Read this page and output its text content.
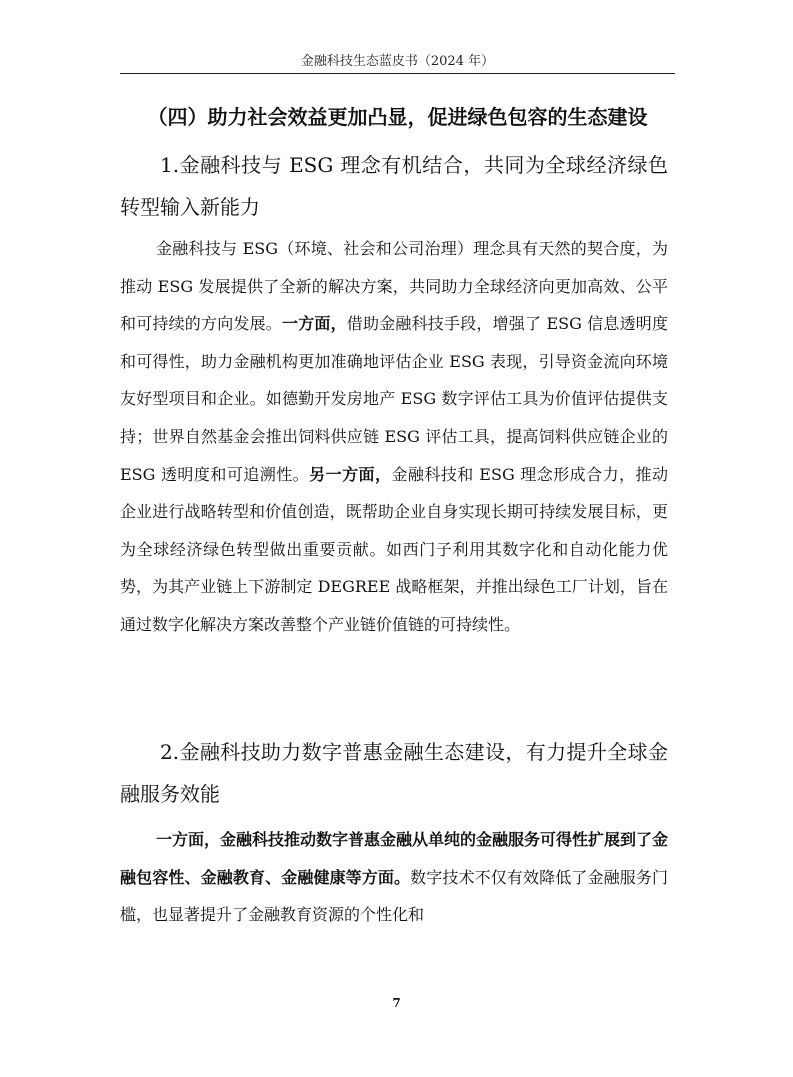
金融科技生态蓝皮书（2024 年）
（四）助力社会效益更加凸显，促进绿色包容的生态建设
1.金融科技与 ESG 理念有机结合，共同为全球经济绿色转型输入新能力
金融科技与 ESG（环境、社会和公司治理）理念具有天然的契合度，为推动 ESG 发展提供了全新的解决方案，共同助力全球经济向更加高效、公平和可持续的方向发展。一方面，借助金融科技手段，增强了 ESG 信息透明度和可得性，助力金融机构更加准确地评估企业 ESG 表现，引导资金流向环境友好型项目和企业。如德勤开发房地产 ESG 数字评估工具为价值评估提供支持；世界自然基金会推出饲料供应链 ESG 评估工具，提高饲料供应链企业的 ESG 透明度和可追溯性。另一方面，金融科技和 ESG 理念形成合力，推动企业进行战略转型和价值创造，既帮助企业自身实现长期可持续发展目标，更为全球经济绿色转型做出重要贡献。如西门子利用其数字化和自动化能力优势，为其产业链上下游制定 DEGREE 战略框架，并推出绿色工厂计划，旨在通过数字化解决方案改善整个产业链价值链的可持续性。
2.金融科技助力数字普惠金融生态建设，有力提升全球金融服务效能
一方面，金融科技推动数字普惠金融从单纯的金融服务可得性扩展到了金融包容性、金融教育、金融健康等方面。数字技术不仅有效降低了金融服务门槛，也显著提升了金融教育资源的个性化和
7
